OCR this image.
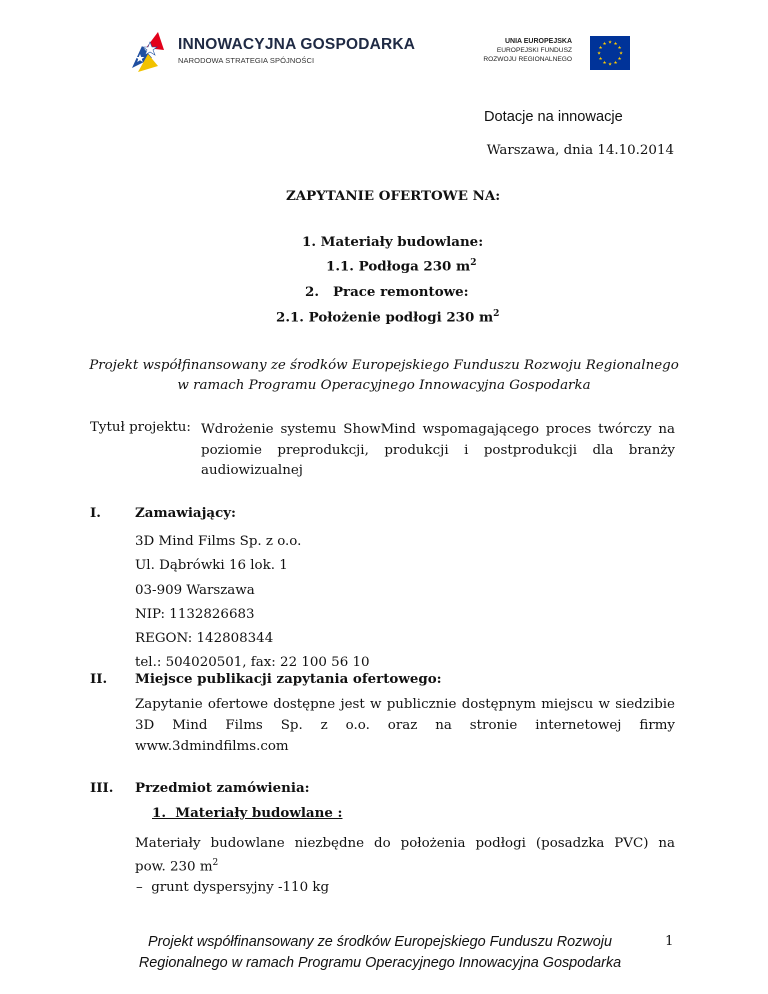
INNOWACYJNA GOSPODARKA
NARODOWA STRATEGIA SPÓJNOŚCI
UNIA EUROPEJSKA
EUROPEJSKI FUNDUSZ
ROZWOJU REGIONALNEGO
★ ★
★
★
★
★
★
★
★
★
★
★
Dotacje na innowacje
Warszawa, dnia 14.10.2014
ZAPYTANIE OFERTOWE NA:
1. Materiały budowlane:
1.1. Podłoga 230 $m^2$
2.   Prace remontowe:
2.1. Położenie podłogi 230 $m^2$
Projekt współfinansowany ze środków Europejskiego Funduszu Rozwoju Regionalnego
w ramach Programu Operacyjnego Innowacyjna Gospodarka
Tytuł projektu: Wdrożenie systemu ShowMind wspomagającego proces twórczy na
poziomie preprodukcji, produkcji i postprodukcji dla branży
audiowizualnej
I.	Zamawiający:
3D Mind Films Sp. z o.o.
Ul. Dąbrówki 16 lok. 1
03-909 Warszawa
NIP: 1132826683
REGON: 142808344
tel.: 504020501, fax: 22 100 56 10
II. Miejsce publikacji zapytania ofertowego:
Zapytanie ofertowe dostępne jest w publicznie dostępnym miejscu w siedzibie
3D Mind Films Sp. z o.o. oraz na stronie internetowej firmy
www.3dmindfilms.com
III. Przedmiot zamówienia:
1.  Materiały budowlane :
Materiały budowlane niezbędne do położenia podłogi (posadzka PVC) na
pow. 230 $m^2$
–  grunt dyspersyjny -110 kg
Projekt współfinansowany ze środków Europejskiego Funduszu Rozwoju
Regionalnego w ramach Programu Operacyjnego Innowacyjna Gospodarka
1
